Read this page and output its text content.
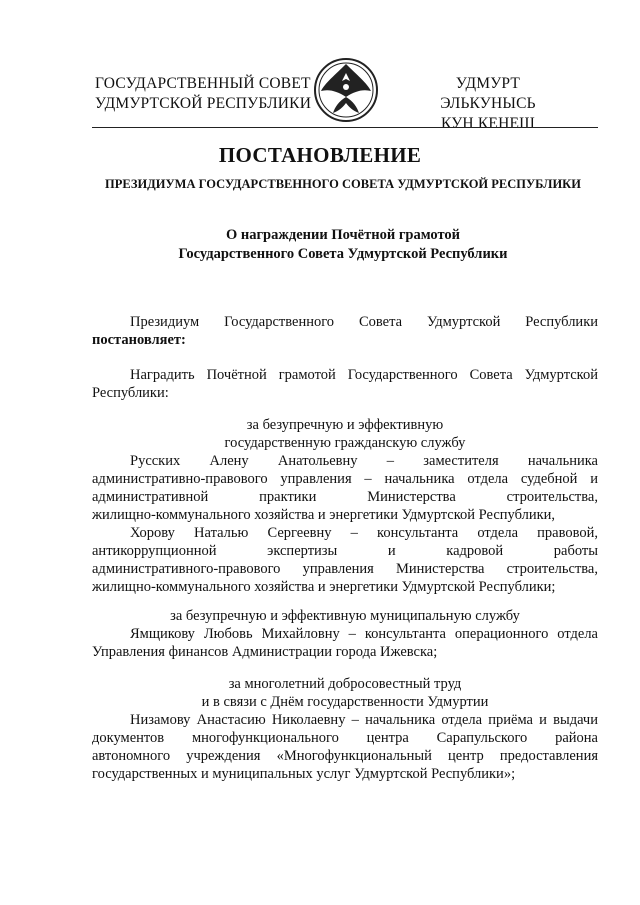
ГОСУДАРСТВЕННЫЙ СОВЕТ
УДМУРТСКОЙ РЕСПУБЛИКИ
УДМУРТ ЭЛЬКУНЫСЬ
КУН КЕНЕШ
ПОСТАНОВЛЕНИЕ
ПРЕЗИДИУМА ГОСУДАРСТВЕННОГО СОВЕТА УДМУРТСКОЙ РЕСПУБЛИКИ
О награждении Почётной грамотой
Государственного Совета Удмуртской Республики
Президиум Государственного Совета Удмуртской Республики
постановляет:
Наградить Почётной грамотой Государственного Совета Удмуртской
Республики:
за безупречную и эффективную
государственную гражданскую службу
Русских Алену Анатольевну – заместителя начальника
административно-правового управления – начальника отдела судебной и
административной практики Министерства строительства,
жилищно-коммунального хозяйства и энергетики Удмуртской Республики,
Хорову Наталью Сергеевну – консультанта отдела правовой,
антикоррупционной экспертизы и кадровой работы
административного-правового управления Министерства строительства,
жилищно-коммунального хозяйства и энергетики Удмуртской Республики;
за безупречную и эффективную муниципальную службу
Ямщикову Любовь Михайловну – консультанта операционного отдела
Управления финансов Администрации города Ижевска;
за многолетний добросовестный труд
и в связи с Днём государственности Удмуртии
Низамову Анастасию Николаевну – начальника отдела приёма и выдачи
документов многофункционального центра Сарапульского района
автономного учреждения «Многофункциональный центр предоставления
государственных и муниципальных услуг Удмуртской Республики»;
